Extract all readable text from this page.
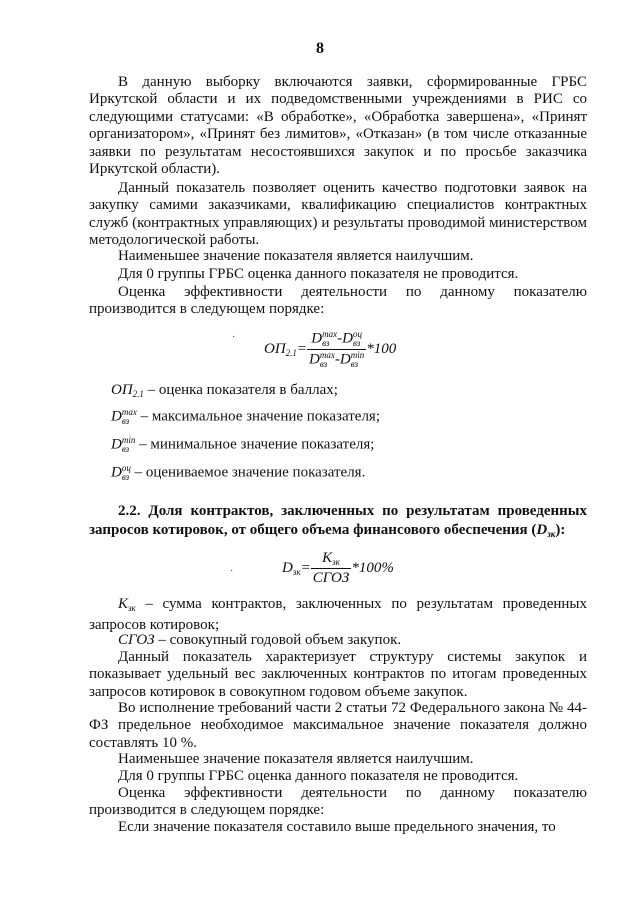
8

В данную выборку включаются заявки, сформированные ГРБС Иркутской области и их подведомственными учреждениями в РИС со следующими статусами: «В обработке», «Обработка завершена», «Принят организатором», «Принят без лимитов», «Отказан» (в том числе отказанные заявки по результатам несостоявшихся закупок и по просьбе заказчика Иркутской области).

Данный показатель позволяет оценить качество подготовки заявок на закупку самими заказчиками, квалификацию специалистов контрактных служб (контрактных управляющих) и результаты проводимой министерством методологической работы.

Наименьшее значение показателя является наилучшим.

Для 0 группы ГРБС оценка данного показателя не проводится.

Оценка эффективности деятельности по данному показателю производится в следующем порядке:

·
$ОП_{2.1}= D$ max
вз -D оц
вз
D max
вз -D min
вз *100
$ОП_{2.1}$ – оценка показателя в баллах;
D max
вз – максимальное значение показателя;
D min
вз – минимальное значение показателя;
D оц
вз – оцениваемое значение показателя.

2.2. Доля контрактов, заключенных по результатам проведенных запросов котировок, от общего объема финансового обеспечения $(D_{зк})$:

·	$D_{зк}= \frac{К_{зк}}{\text{СГОЗ}} *100\%$

$К_{зк}$ – сумма контрактов, заключенных по результатам проведенных запросов котировок;

СГОЗ – совокупный годовой объем закупок.

Данный показатель характеризует структуру системы закупок и показывает удельный вес заключенных контрактов по итогам проведенных запросов котировок в совокупном годовом объеме закупок.

Во исполнение требований части 2 статьи 72 Федерального закона № 44-ФЗ предельное необходимое максимальное значение показателя должно составлять 10 %.

Наименьшее значение показателя является наилучшим.

Для 0 группы ГРБС оценка данного показателя не проводится.

Оценка эффективности деятельности по данному показателю производится в следующем порядке:

Если значение показателя составило выше предельного значения, то
